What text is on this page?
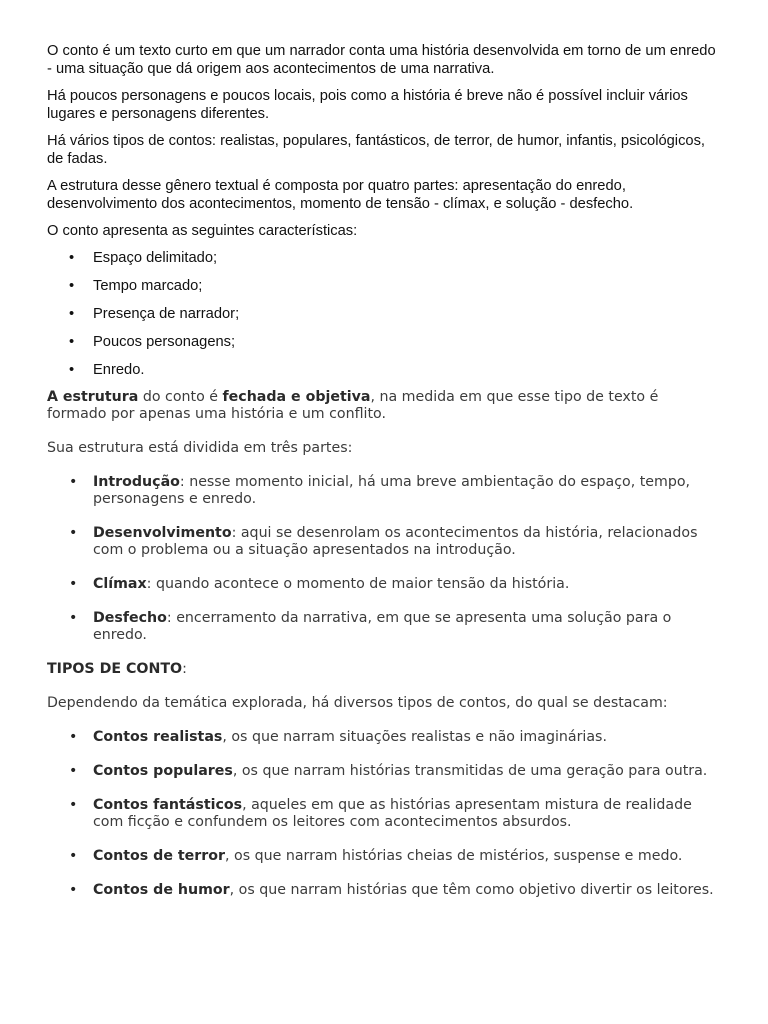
O conto é um texto curto em que um narrador conta uma história desenvolvida em torno de um enredo - uma situação que dá origem aos acontecimentos de uma narrativa.

Há poucos personagens e poucos locais, pois como a história é breve não é possível incluir vários lugares e personagens diferentes.

Há vários tipos de contos: realistas, populares, fantásticos, de terror, de humor, infantis, psicológicos, de fadas.

A estrutura desse gênero textual é composta por quatro partes: apresentação do enredo, desenvolvimento dos acontecimentos, momento de tensão - clímax, e solução - desfecho.

O conto apresenta as seguintes características:

• Espaço delimitado;
• Tempo marcado;
• Presença de narrador;
• Poucos personagens;
• Enredo.

A estrutura do conto é fechada e objetiva, na medida em que esse tipo de texto é formado por apenas uma história e um conflito.

Sua estrutura está dividida em três partes:

• Introdução: nesse momento inicial, há uma breve ambientação do espaço, tempo, personagens e enredo.
• Desenvolvimento: aqui se desenrolam os acontecimentos da história, relacionados com o problema ou a situação apresentados na introdução.
• Clímax: quando acontece o momento de maior tensão da história.
• Desfecho: encerramento da narrativa, em que se apresenta uma solução para o enredo.

TIPOS DE CONTO:

Dependendo da temática explorada, há diversos tipos de contos, do qual se destacam:

• Contos realistas, os que narram situações realistas e não imaginárias.
• Contos populares, os que narram histórias transmitidas de uma geração para outra.
• Contos fantásticos, aqueles em que as histórias apresentam mistura de realidade com ficção e confundem os leitores com acontecimentos absurdos.
• Contos de terror, os que narram histórias cheias de mistérios, suspense e medo.
• Contos de humor, os que narram histórias que têm como objetivo divertir os leitores.
